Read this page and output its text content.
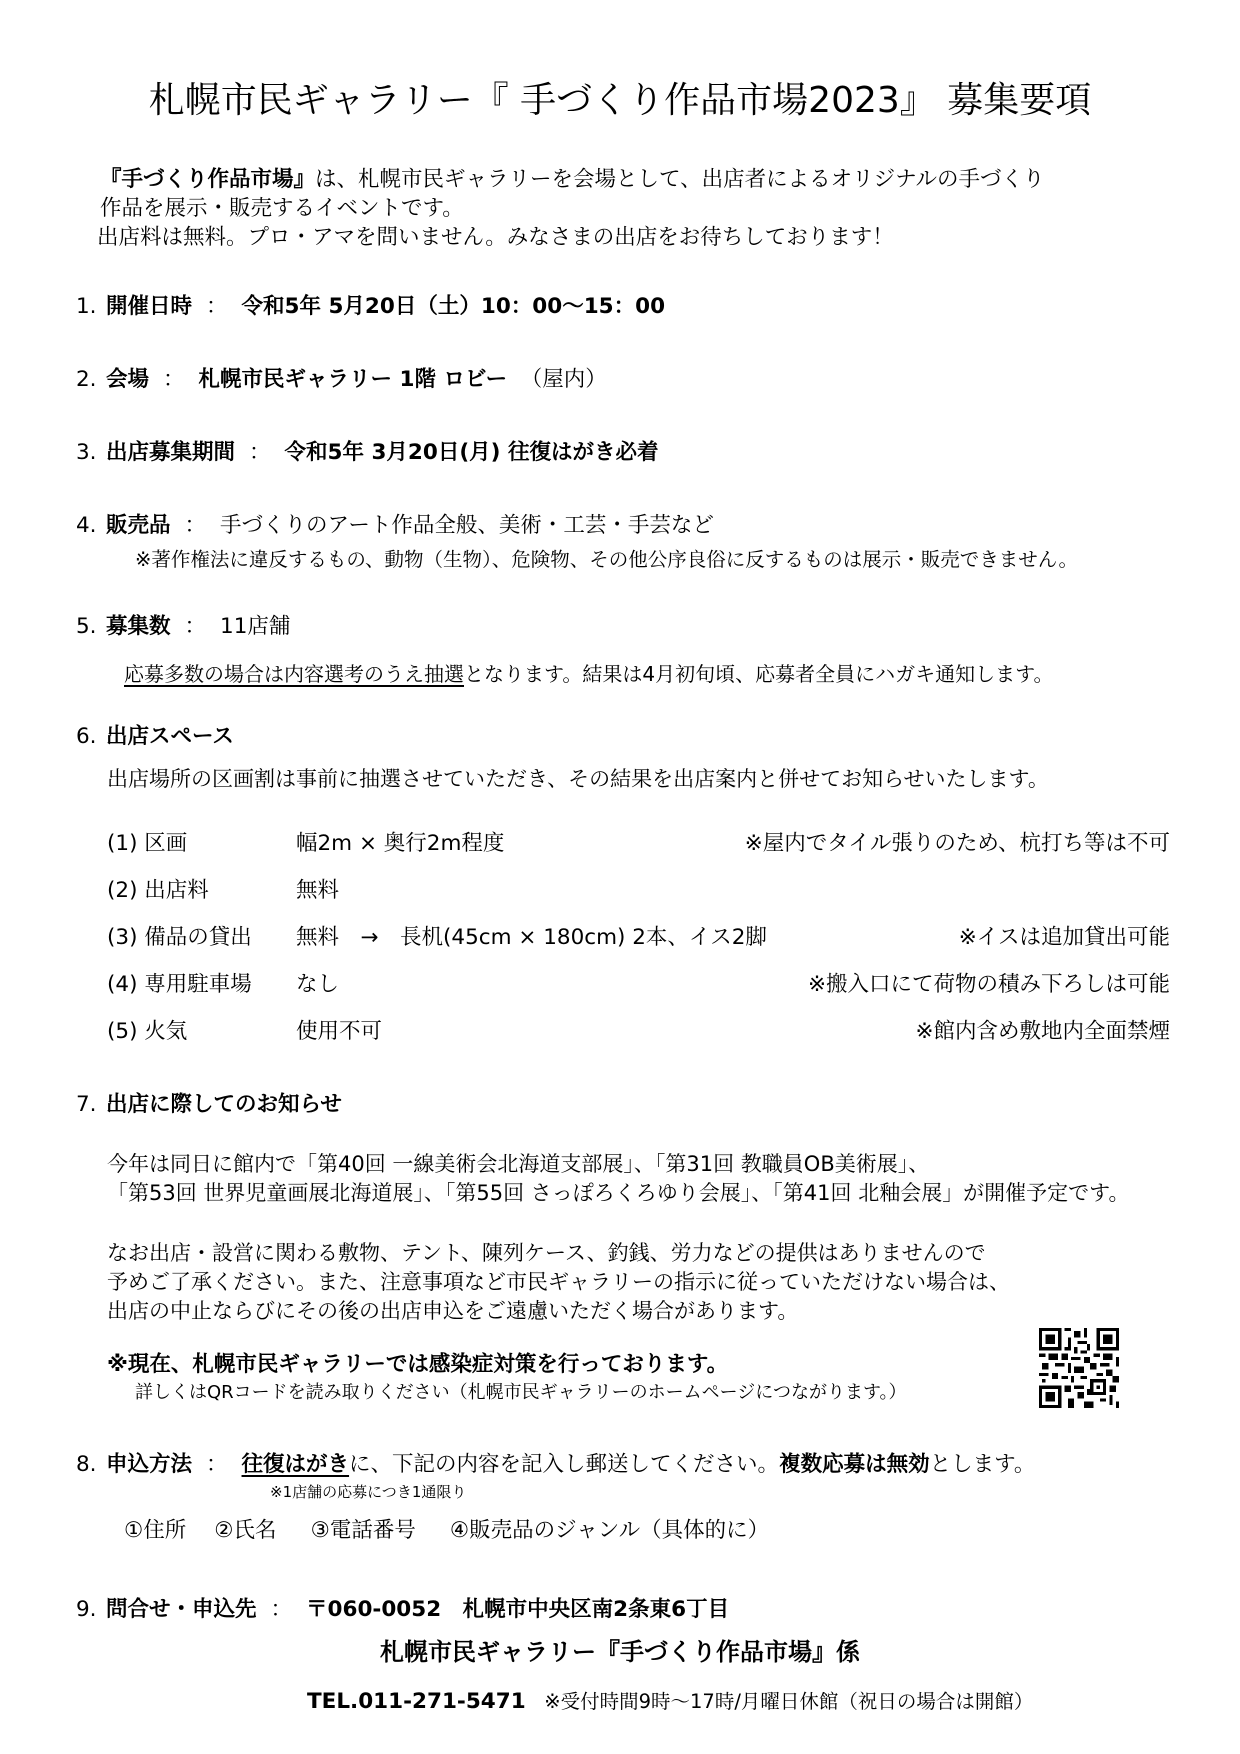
札幌市民ギャラリー『 手づくり作品市場2023』 募集要項
『手づくり作品市場』は、札幌市民ギャラリーを会場として、出店者によるオリジナルの手づくり
作品を展示・販売するイベントです。
出店料は無料。プロ・アマを問いません。みなさまの出店をお待ちしております！
1. 開催日時 ： 令和5年 5月20日（土）10：00〜15：00
2. 会場 ： 札幌市民ギャラリー 1階 ロビー （屋内）
3. 出店募集期間 ： 令和5年 3月20日(月) 往復はがき必着
4. 販売品 ： 手づくりのアート作品全般、美術・工芸・手芸など
※著作権法に違反するもの、動物（生物）、危険物、その他公序良俗に反するものは展示・販売できません。
5. 募集数 ： 11店舗
応募多数の場合は内容選考のうえ抽選となります。結果は4月初旬頃、応募者全員にハガキ通知します。
6. 出店スペース
出店場所の区画割は事前に抽選させていただき、その結果を出店案内と併せてお知らせいたします。
(1) 区画	幅2m × 奥行2m程度	※屋内でタイル張りのため、杭打ち等は不可
(2) 出店料	無料
(3) 備品の貸出 無料　→　長机(45cm × 180cm) 2本、イス2脚	※イスは追加貸出可能
(4) 専用駐車場 なし	※搬入口にて荷物の積み下ろしは可能
(5) 火気	使用不可	※館内含め敷地内全面禁煙
7. 出店に際してのお知らせ
今年は同日に館内で「第40回 一線美術会北海道支部展」、「第31回 教職員OB美術展」、
「第53回 世界児童画展北海道展」、「第55回 さっぽろくろゆり会展」、「第41回 北釉会展」が開催予定です。
なお出店・設営に関わる敷物、テント、陳列ケース、釣銭、労力などの提供はありませんので
予めご了承ください。また、注意事項など市民ギャラリーの指示に従っていただけない場合は、
出店の中止ならびにその後の出店申込をご遠慮いただく場合があります。
※現在、札幌市民ギャラリーでは感染症対策を行っております。
詳しくはQRコードを読み取りください（札幌市民ギャラリーのホームページにつながります。）
8. 申込方法 ： 往復はがきに、下記の内容を記入し郵送してください。複数応募は無効とします。
※1店舗の応募につき1通限り
①住所 ②氏名 ③電話番号 ④販売品のジャンル（具体的に）
9. 問合せ・申込先 ： 〒060-0052　札幌市中央区南2条東6丁目
札幌市民ギャラリー『手づくり作品市場』係
TEL.011-271-5471 ※受付時間9時〜17時/月曜日休館（祝日の場合は開館）
